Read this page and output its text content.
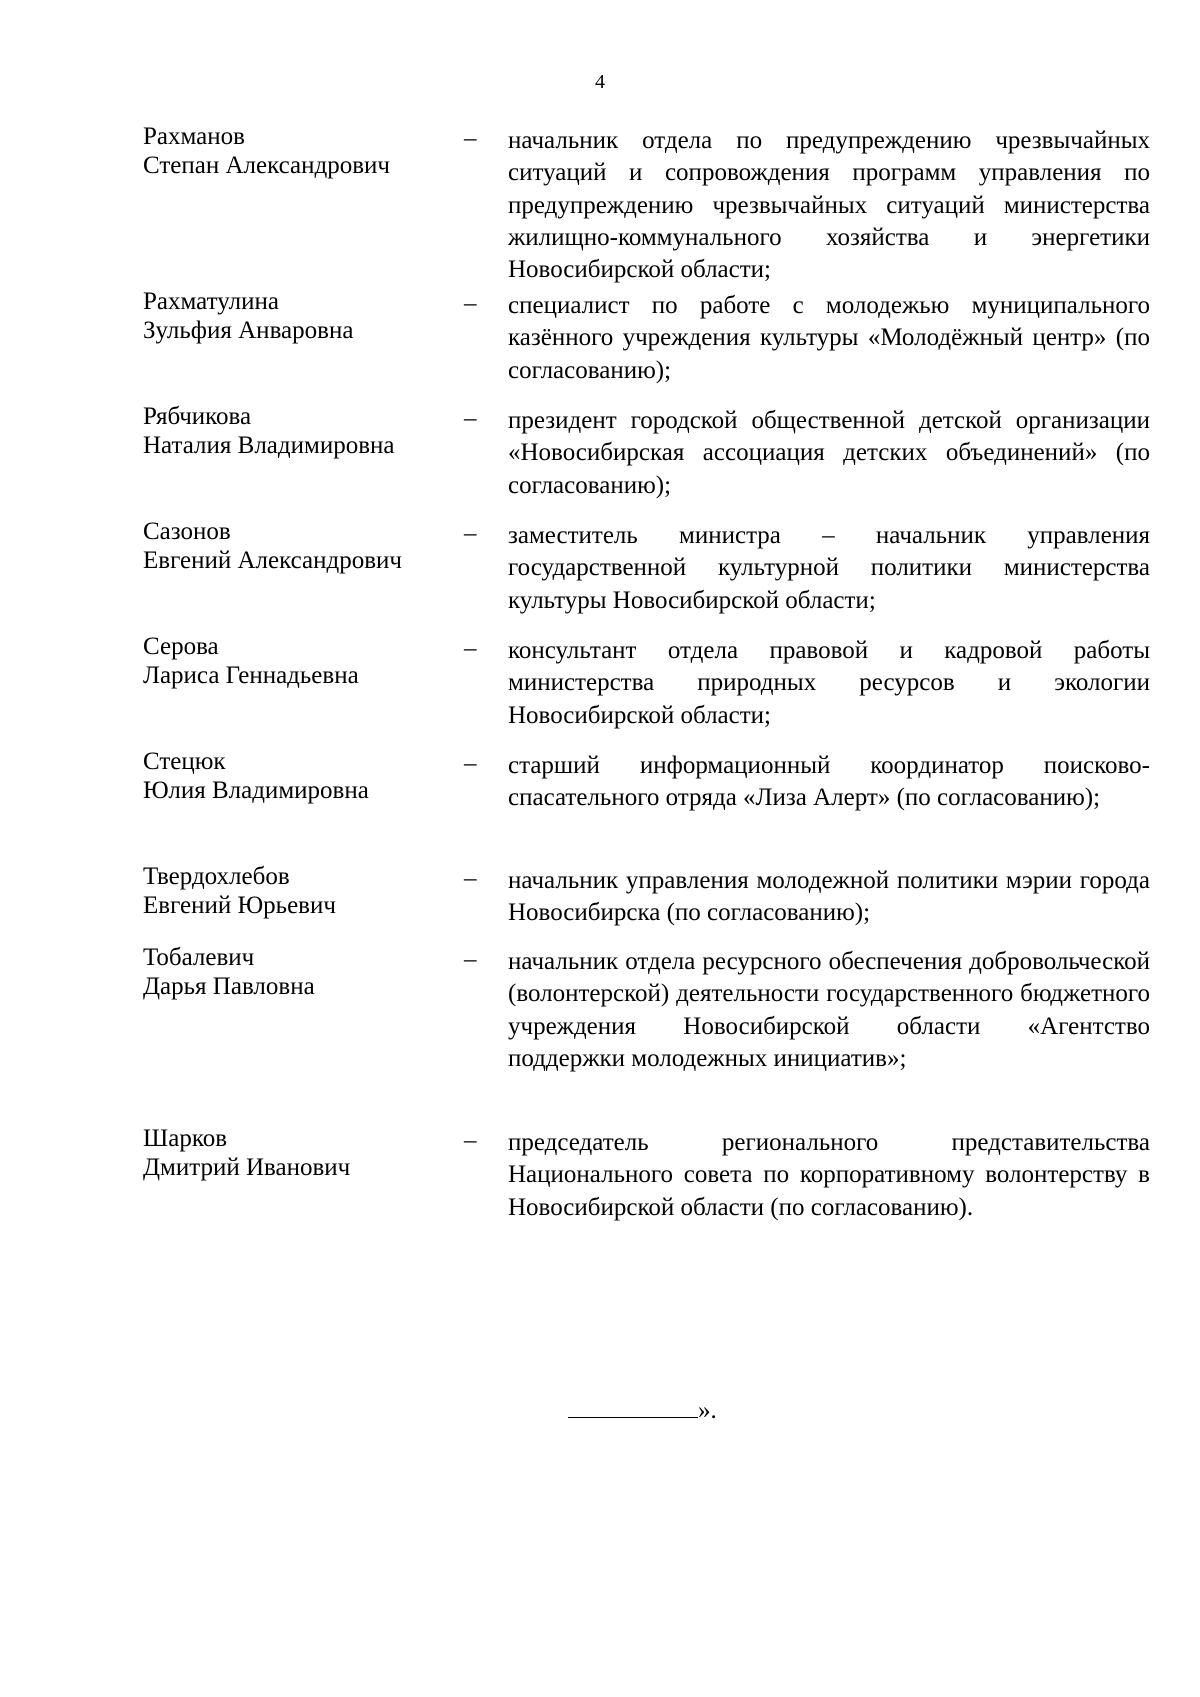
4
Рахманов
Степан Александрович
– начальник отдела по предупреждению чрезвычайных ситуаций и сопровождения программ управления по предупреждению чрезвычайных ситуаций министерства жилищно-коммунального хозяйства и энергетики Новосибирской области;
Рахматулина
Зульфия Анваровна
– специалист по работе с молодежью муниципального казённого учреждения культуры «Молодёжный центр» (по согласованию);
Рябчикова
Наталия Владимировна
– президент городской общественной детской организации «Новосибирская ассоциация детских объединений» (по согласованию);
Сазонов
Евгений Александрович
– заместитель министра – начальник управления государственной культурной политики министерства культуры Новосибирской области;
Серова
Лариса Геннадьевна
– консультант отдела правовой и кадровой работы министерства природных ресурсов и экологии Новосибирской области;
Стецюк
Юлия Владимировна
– старший информационный координатор поисково-спасательного отряда «Лиза Алерт» (по согласованию);
Твердохлебов
Евгений Юрьевич
– начальник управления молодежной политики мэрии города Новосибирска (по согласованию);
Тобалевич
Дарья Павловна
– начальник отдела ресурсного обеспечения добровольческой (волонтерской) деятельности государственного бюджетного учреждения Новосибирской области «Агентство поддержки молодежных инициатив»;
Шарков
Дмитрий Иванович
– председатель регионального представительства Национального совета по корпоративному волонтерству в Новосибирской области (по согласованию).
».
